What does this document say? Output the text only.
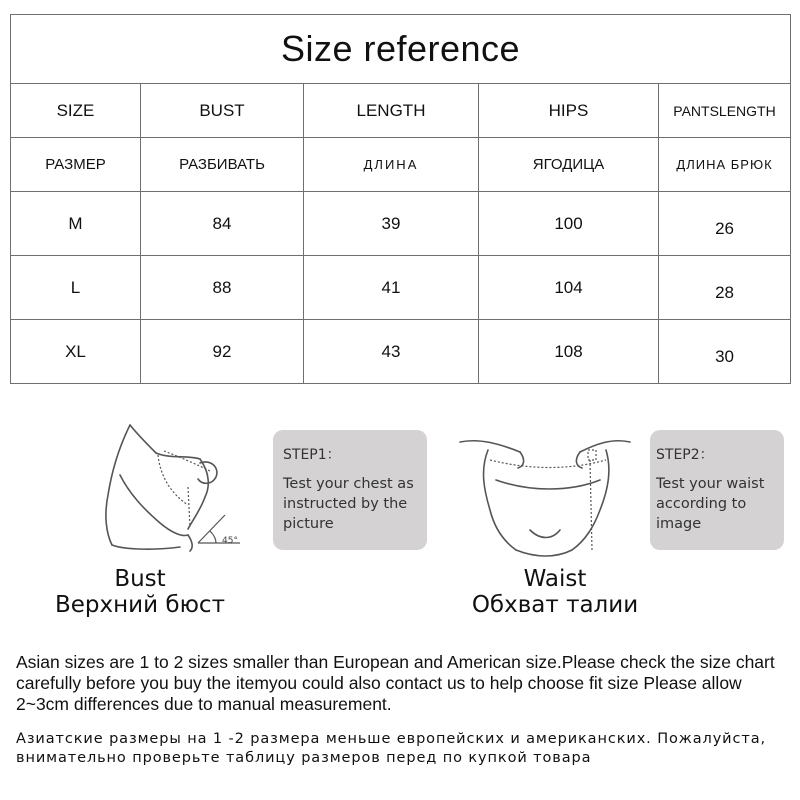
Size reference				
SIZE	BUST	LENGTH	HIPS	PANTSLENGTH
РАЗМЕР	РАЗБИВАТЬ	ДЛИНА	ЯГОДИЦА	ДЛИНА БРЮК
M	84	39	100	26
L	88	41	104	28
XL	92	43	108	30
45°
STEP1：
Test your chest as instructed by the picture
STEP2：
Test your waist according to image
Bust
Верхний бюст
Waist
Обхват талии
Asian sizes are 1 to 2 sizes smaller than European and American size.Please check the size chart carefully before you buy the itemyou could also contact us to help choose fit size Please allow 2~3cm differences due to manual measurement.
Азиатские размеры на 1 -2 размера меньше европейских и американских. Пожалуйста, внимательно проверьте таблицу размеров перед по купкой товара
